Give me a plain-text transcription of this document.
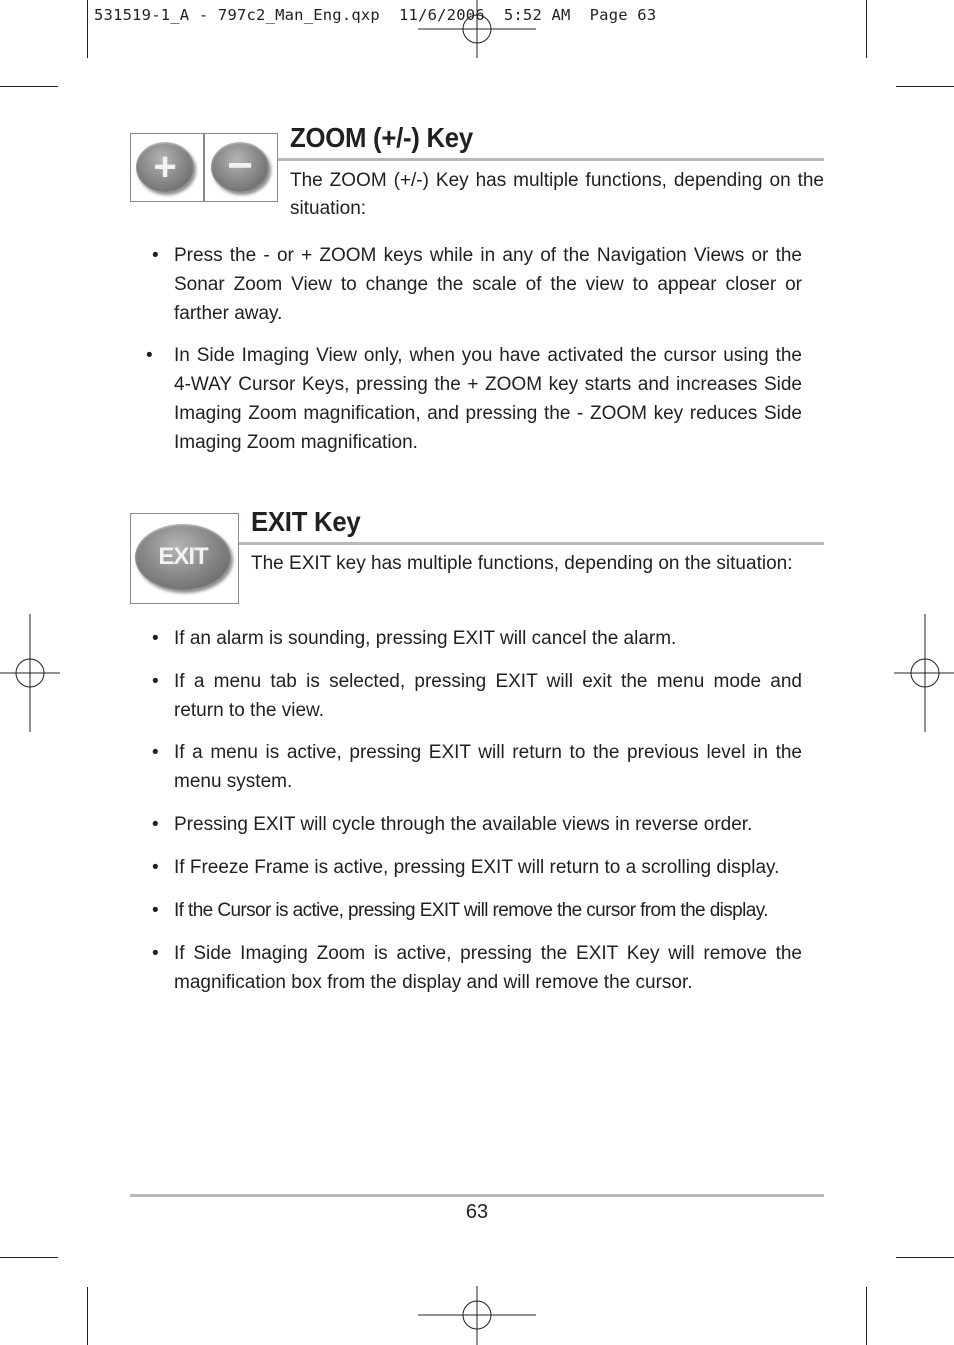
531519-1_A - 797c2_Man_Eng.qxp  11/6/2006  5:52 AM  Page 63
+	−
ZOOM (+/-) Key
The ZOOM (+/-) Key has multiple functions, depending on the situation:
• Press the - or + ZOOM keys while in any of the Navigation Views or the Sonar Zoom View to change the scale of the view to appear closer or farther away.
• In Side Imaging View only, when you have activated the cursor using the 4-WAY Cursor Keys, pressing the + ZOOM key starts and increases Side Imaging Zoom magnification, and pressing the - ZOOM key reduces Side Imaging Zoom magnification.
EXIT
EXIT Key
The EXIT key has multiple functions, depending on the situation:
• If an alarm is sounding, pressing EXIT will cancel the alarm.
• If a menu tab is selected, pressing EXIT will exit the menu mode and return to the view.
• If a menu is active, pressing EXIT will return to the previous level in the menu system.
• Pressing EXIT will cycle through the available views in reverse order.
• If Freeze Frame is active, pressing EXIT will return to a scrolling display.
• If the Cursor is active, pressing EXIT will remove the cursor from the display.
• If Side Imaging Zoom is active, pressing the EXIT Key will remove the magnification box from the display and will remove the cursor.
63
